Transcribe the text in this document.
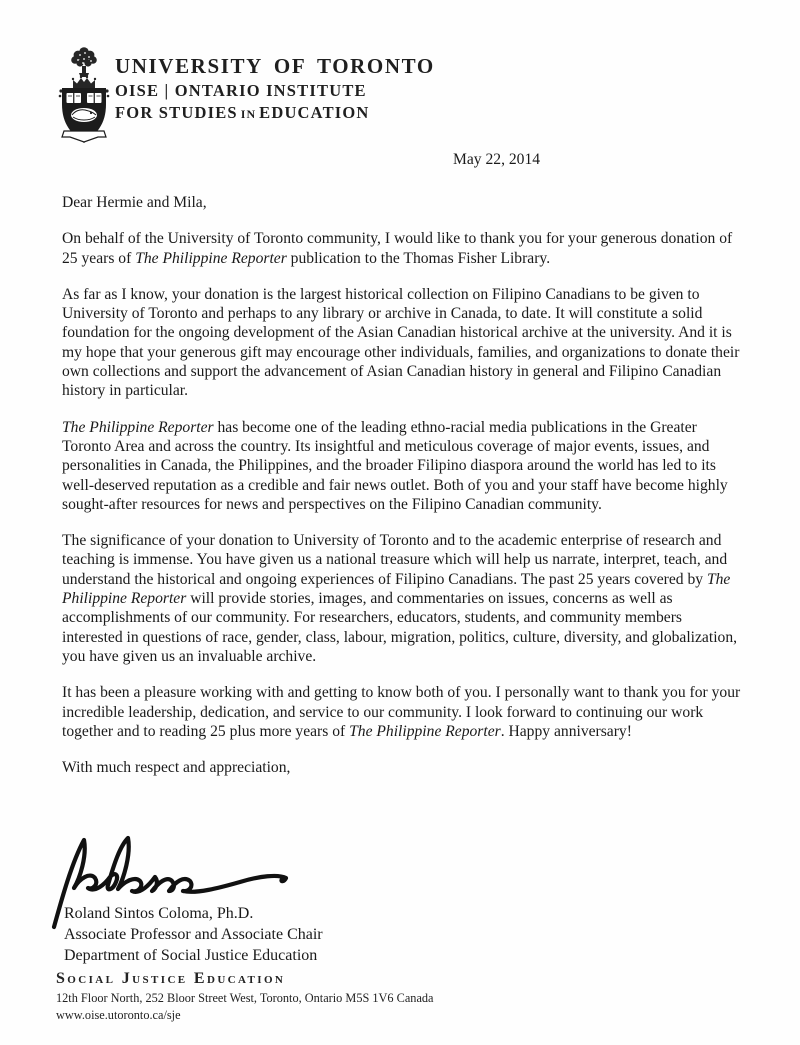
UNIVERSITY OF TORONTO
OISE | ONTARIO INSTITUTE
FOR STUDIES IN EDUCATION
May 22, 2014

Dear Hermie and Mila,

On behalf of the University of Toronto community, I would like to thank you for your generous donation of 25 years of The Philippine Reporter publication to the Thomas Fisher Library.

As far as I know, your donation is the largest historical collection on Filipino Canadians to be given to University of Toronto and perhaps to any library or archive in Canada, to date. It will constitute a solid foundation for the ongoing development of the Asian Canadian historical archive at the university. And it is my hope that your generous gift may encourage other individuals, families, and organizations to donate their own collections and support the advancement of Asian Canadian history in general and Filipino Canadian history in particular.

The Philippine Reporter has become one of the leading ethno-racial media publications in the Greater Toronto Area and across the country. Its insightful and meticulous coverage of major events, issues, and personalities in Canada, the Philippines, and the broader Filipino diaspora around the world has led to its well-deserved reputation as a credible and fair news outlet. Both of you and your staff have become highly sought-after resources for news and perspectives on the Filipino Canadian community.

The significance of your donation to University of Toronto and to the academic enterprise of research and teaching is immense. You have given us a national treasure which will help us narrate, interpret, teach, and understand the historical and ongoing experiences of Filipino Canadians. The past 25 years covered by The Philippine Reporter will provide stories, images, and commentaries on issues, concerns as well as accomplishments of our community. For researchers, educators, students, and community members interested in questions of race, gender, class, labour, migration, politics, culture, diversity, and globalization, you have given us an invaluable archive.

It has been a pleasure working with and getting to know both of you. I personally want to thank you for your incredible leadership, dedication, and service to our community. I look forward to continuing our work together and to reading 25 plus more years of The Philippine Reporter. Happy anniversary!

With much respect and appreciation,

Roland Sintos Coloma, Ph.D.
Associate Professor and Associate Chair
Department of Social Justice Education
Social Justice Education
12th Floor North, 252 Bloor Street West, Toronto, Ontario M5S 1V6 Canada
www.oise.utoronto.ca/sje
